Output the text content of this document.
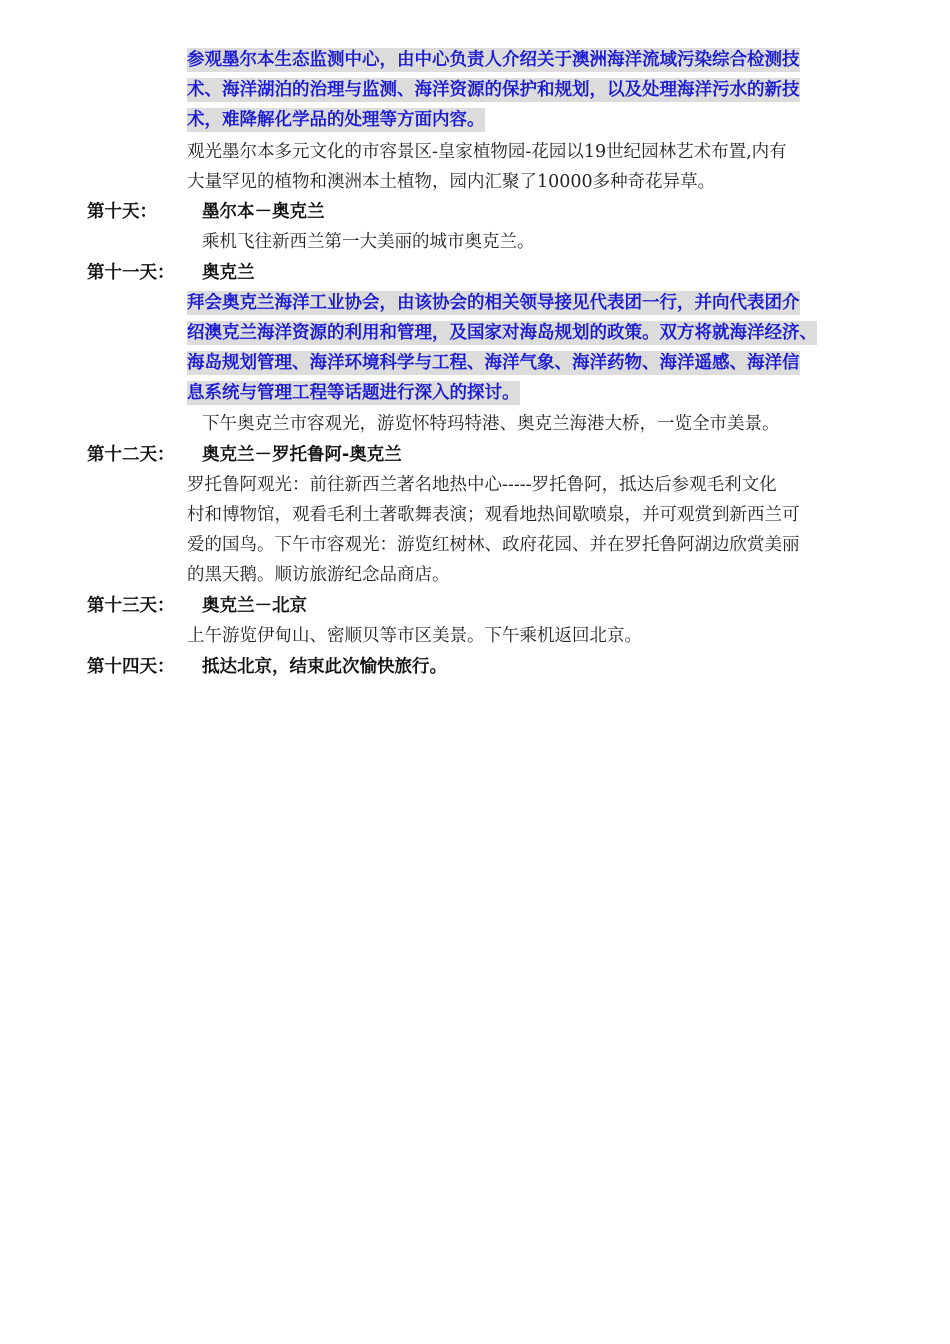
参观墨尔本生态监测中心，由中心负责人介绍关于澳洲海洋流域污染综合检测技
术、海洋湖泊的治理与监测、海洋资源的保护和规划，以及处理海洋污水的新技
术，难降解化学品的处理等方面内容。
观光墨尔本多元文化的市容景区-皇家植物园-花园以19世纪园林艺术布置,内有
大量罕见的植物和澳洲本土植物，园内汇聚了10000多种奇花异草。
第十天：	墨尔本－奥克兰
乘机飞往新西兰第一大美丽的城市奥克兰。
第十一天： 奥克兰
拜会奥克兰海洋工业协会，由该协会的相关领导接见代表团一行，并向代表团介
绍澳克兰海洋资源的利用和管理，及国家对海岛规划的政策。双方将就海洋经济、
海岛规划管理、海洋环境科学与工程、海洋气象、海洋药物、海洋遥感、海洋信
息系统与管理工程等话题进行深入的探讨。
下午奥克兰市容观光，游览怀特玛特港、奥克兰海港大桥，一览全市美景。
第十二天： 奥克兰－罗托鲁阿-奥克兰
罗托鲁阿观光：前往新西兰著名地热中心-----罗托鲁阿，抵达后参观毛利文化
村和博物馆，观看毛利土著歌舞表演；观看地热间歇喷泉，并可观赏到新西兰可
爱的国鸟。下午市容观光：游览红树林、政府花园、并在罗托鲁阿湖边欣赏美丽
的黑天鹅。顺访旅游纪念品商店。
第十三天： 奥克兰－北京
上午游览伊甸山、密顺贝等市区美景。下午乘机返回北京。
第十四天： 抵达北京，结束此次愉快旅行。
